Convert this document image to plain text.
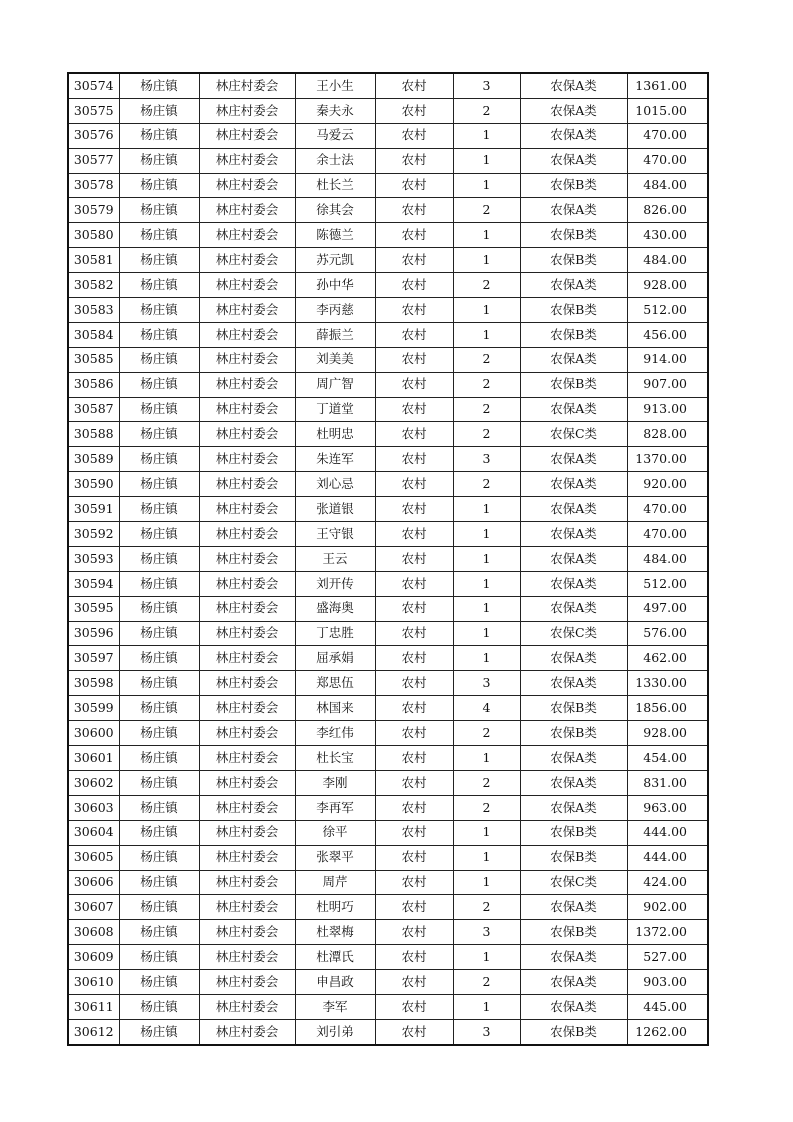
30574	杨庄镇	林庄村委会	王小生	农村	3	农保A类	1361.00
30575	杨庄镇	林庄村委会	秦夫永	农村	2	农保A类	1015.00
30576	杨庄镇	林庄村委会	马爱云	农村	1	农保A类	470.00
30577	杨庄镇	林庄村委会	余士法	农村	1	农保A类	470.00
30578	杨庄镇	林庄村委会	杜长兰	农村	1	农保B类	484.00
30579	杨庄镇	林庄村委会	徐其会	农村	2	农保A类	826.00
30580	杨庄镇	林庄村委会	陈德兰	农村	1	农保B类	430.00
30581	杨庄镇	林庄村委会	苏元凯	农村	1	农保B类	484.00
30582	杨庄镇	林庄村委会	孙中华	农村	2	农保A类	928.00
30583	杨庄镇	林庄村委会	李丙慈	农村	1	农保B类	512.00
30584	杨庄镇	林庄村委会	薛振兰	农村	1	农保B类	456.00
30585	杨庄镇	林庄村委会	刘美美	农村	2	农保A类	914.00
30586	杨庄镇	林庄村委会	周广智	农村	2	农保B类	907.00
30587	杨庄镇	林庄村委会	丁道堂	农村	2	农保A类	913.00
30588	杨庄镇	林庄村委会	杜明忠	农村	2	农保C类	828.00
30589	杨庄镇	林庄村委会	朱连军	农村	3	农保A类	1370.00
30590	杨庄镇	林庄村委会	刘心忌	农村	2	农保A类	920.00
30591	杨庄镇	林庄村委会	张道银	农村	1	农保A类	470.00
30592	杨庄镇	林庄村委会	王守银	农村	1	农保A类	470.00
30593	杨庄镇	林庄村委会	王云	农村	1	农保A类	484.00
30594	杨庄镇	林庄村委会	刘开传	农村	1	农保A类	512.00
30595	杨庄镇	林庄村委会	盛海奥	农村	1	农保A类	497.00
30596	杨庄镇	林庄村委会	丁忠胜	农村	1	农保C类	576.00
30597	杨庄镇	林庄村委会	屈承娟	农村	1	农保A类	462.00
30598	杨庄镇	林庄村委会	郑思伍	农村	3	农保A类	1330.00
30599	杨庄镇	林庄村委会	林国来	农村	4	农保B类	1856.00
30600	杨庄镇	林庄村委会	李红伟	农村	2	农保B类	928.00
30601	杨庄镇	林庄村委会	杜长宝	农村	1	农保A类	454.00
30602	杨庄镇	林庄村委会	李刚	农村	2	农保A类	831.00
30603	杨庄镇	林庄村委会	李再军	农村	2	农保A类	963.00
30604	杨庄镇	林庄村委会	徐平	农村	1	农保B类	444.00
30605	杨庄镇	林庄村委会	张翠平	农村	1	农保B类	444.00
30606	杨庄镇	林庄村委会	周芹	农村	1	农保C类	424.00
30607	杨庄镇	林庄村委会	杜明巧	农村	2	农保A类	902.00
30608	杨庄镇	林庄村委会	杜翠梅	农村	3	农保B类	1372.00
30609	杨庄镇	林庄村委会	杜潭氏	农村	1	农保A类	527.00
30610	杨庄镇	林庄村委会	申昌政	农村	2	农保A类	903.00
30611	杨庄镇	林庄村委会	李军	农村	1	农保A类	445.00
30612	杨庄镇	林庄村委会	刘引弟	农村	3	农保B类	1262.00
